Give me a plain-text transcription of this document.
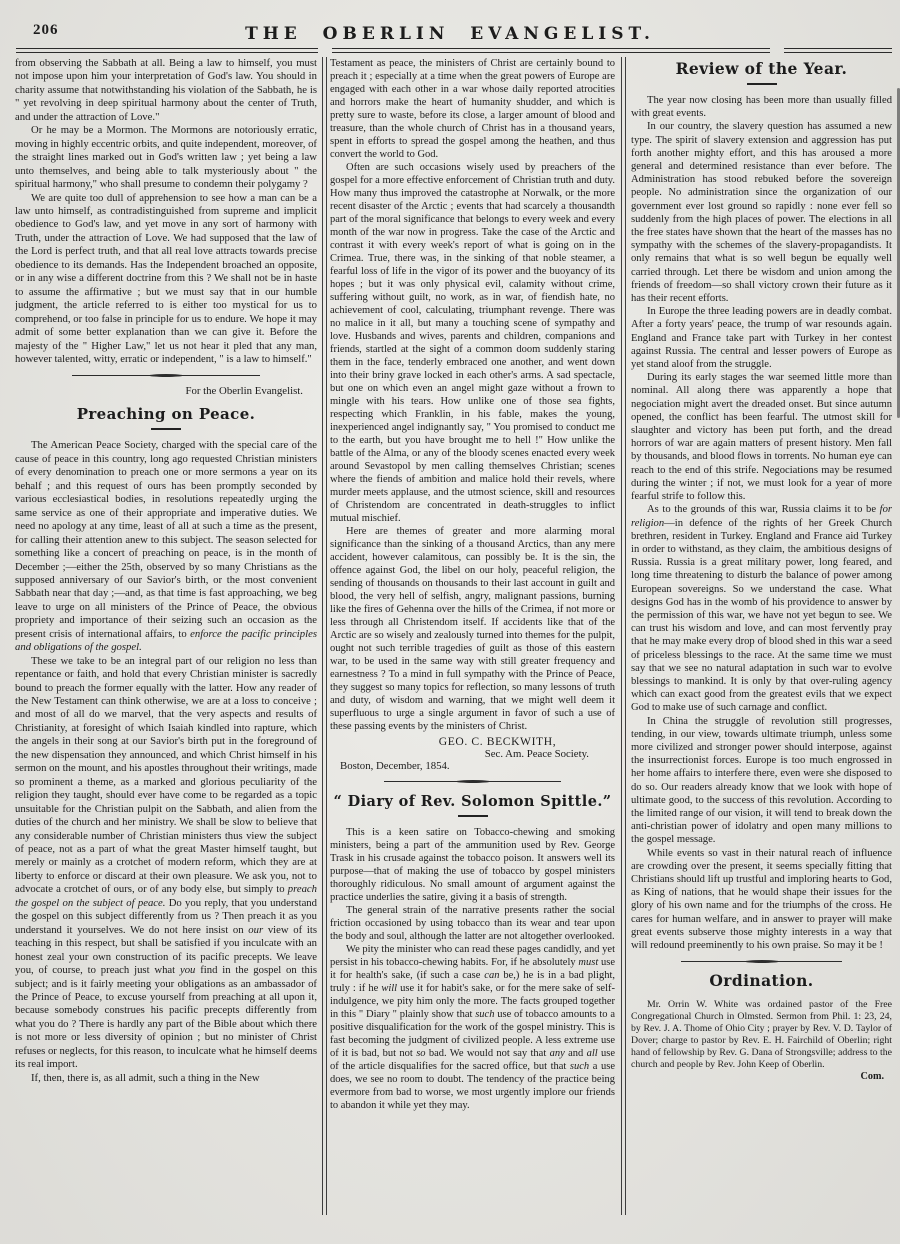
206	THE OBERLIN EVANGELIST.

from observing the Sabbath at all. Being a law to himself, you must not impose upon him your interpretation of God's law. You should in charity assume that notwithstanding his violation of the Sabbath, he is " yet revolving in deep spiritual harmony about the center of Truth, and under the attraction of Love."

Or he may be a Mormon. The Mormons are notoriously erratic, moving in highly eccentric orbits, and quite independent, moreover, of the straight lines marked out in God's written law ; yet being a law unto themselves, and being able to talk mysteriously about " the spiritual harmony," who shall presume to condemn their polygamy ?

We are quite too dull of apprehension to see how a man can be a law unto himself, as contradistinguished from supreme and implicit obedience to God's law, and yet move in any sort of harmony with Truth, under the attraction of Love. We had supposed that the law of the Lord is perfect truth, and that all real love attracts towards precise obedience to its demands. Has the Independent broached an opposite, or in any wise a different doctrine from this ? We shall not be in haste to assume the affirmative ; but we must say that in our humble judgment, the article referred to is either too mystical for us to comprehend, or too false in principle for us to endure. We hope it may admit of some better explanation than we can give it. Before the majesty of the " Higher Law," let us not hear it pled that any man, however talented, witty, erratic or independent, " is a law to himself."

For the Oberlin Evangelist.

Preaching on Peace.

The American Peace Society, charged with the special care of the cause of peace in this country, long ago requested Christian ministers of every denomination to preach one or more sermons a year on its behalf ; and this request of ours has been promptly seconded by various ecclesiastical bodies, in resolutions repeatedly urging the same service as one of their appropriate and imperative duties. We need no apology at any time, least of all at such a time as the present, for calling their attention anew to this subject. The season selected for something like a concert of preaching on peace, is in the month of December ;—either the 25th, observed by so many Christians as the supposed anniversary of our Savior's birth, or the most convenient Sabbath near that day ;—and, as that time is fast approaching, we beg leave to urge on all ministers of the Prince of Peace, the obvious propriety and importance of their seizing such an occasion as the present crisis of international affairs, to enforce the pacific principles and obligations of the gospel.

These we take to be an integral part of our religion no less than repentance or faith, and hold that every Christian minister is sacredly bound to preach the former equally with the latter. How any reader of the New Testament can think otherwise, we are at a loss to conceive ; and most of all do we marvel, that the very aspects and results of Christianity, at foresight of which Isaiah kindled into rapture, which the angels in their song at our Savior's birth put in the foreground of the new dispensation they announced, and which Christ himself in his sermon on the mount, and his apostles throughout their writings, made so prominent a theme, as a marked and glorious peculiarity of the religion they taught, should ever have come to be regarded as a topic unsuitable for the Christian pulpit on the Sabbath, and alien from the duties of the church and her ministry. We shall be slow to believe that any considerable number of Christian ministers thus view the subject of peace, not as a part of what the great Master himself taught, but merely or mainly as a crotchet of modern reform, which they are at liberty to enforce or discard at their own pleasure. We ask you, not to advocate a crotchet of ours, or of any body else, but simply to preach the gospel on the subject of peace. Do you reply, that you understand the gospel on this subject differently from us ? Then preach it as you understand it yourselves. We do not here insist on our view of its teaching in this respect, but shall be satisfied if you inculcate with an honest zeal your own construction of its pacific precepts. We leave you, of course, to preach just what you find in the gospel on this subject; and is it fairly meeting your obligations as an ambassador of the Prince of Peace, to excuse yourself from preaching at all upon it, because somebody construes his pacific precepts differently from what you do ? There is hardly any part of the Bible about which there is not more or less diversity of opinion ; but no minister of Christ refuses or neglects, for this reason, to inculcate what he himself deems its real import.

If, then, there is, as all admit, such a thing in the New

Testament as peace, the ministers of Christ are certainly bound to preach it ; especially at a time when the great powers of Europe are engaged with each other in a war whose daily reported atrocities and horrors make the heart of humanity shudder, and which is pretty sure to waste, before its close, a larger amount of blood and treasure, than the whole church of Christ has in a thousand years, spent in efforts to spread the gospel among the heathen, and thus convert the world to God.

Often are such occasions wisely used by preachers of the gospel for a more effective enforcement of Christian truth and duty. How many thus improved the catastrophe at Norwalk, or the more recent disaster of the Arctic ; events that had scarcely a thousandth part of the moral significance that belongs to every week and every month of the war now in progress. Take the case of the Arctic and contrast it with every week's report of what is going on in the Crimea. True, there was, in the sinking of that noble steamer, a fearful loss of life in the vigor of its power and the buoyancy of its hopes ; but it was only physical evil, calamity without crime, suffering without guilt, no work, as in war, of fiendish hate, no achievement of cool, calculating, triumphant revenge. There was no malice in it all, but many a touching scene of sympathy and love. Husbands and wives, parents and children, companions and friends, startled at the sight of a common doom suddenly staring them in the face, tenderly embraced one another, and went down into their briny grave locked in each other's arms. A sad spectacle, but one on which even an angel might gaze without a frown to mingle with his tears. How unlike one of those sea fights, respecting which Franklin, in his fable, makes the young, inexperienced angel indignantly say, " You promised to conduct me to the earth, but you have brought me to hell !" How unlike the battle of the Alma, or any of the bloody scenes enacted every week around Sevastopol by men calling themselves Christian; scenes where the fiends of ambition and malice hold their revels, where murder meets applause, and the utmost science, skill and resources of Christendom are concentrated in death-struggles to inflict mutual mischief.

Here are themes of greater and more alarming moral significance than the sinking of a thousand Arctics, than any mere accident, however calamitous, can possibly be. It is the sin, the offence against God, the libel on our holy, peaceful religion, the sending of thousands on thousands to their last account in guilt and blood, the very hell of selfish, angry, malignant passions, burning like the fires of Gehenna over the hills of the Crimea, if not more or less through all Christendom itself. If accidents like that of the Arctic are so wisely and zealously turned into themes for the pulpit, ought not such terrible tragedies of guilt as those of this eastern war, to be used in the same way with still greater frequency and earnestness ? To a mind in full sympathy with the Prince of Peace, they suggest so many topics for reflection, so many lessons of truth and duty, of wisdom and warning, that we might well deem it superfluous to urge a single argument in favor of such a use of these passing events by the ministers of Christ.

GEO. C. BECKWITH,

Sec. Am. Peace Society.

Boston, December, 1854.

“ Diary of Rev. Solomon Spittle.”

This is a keen satire on Tobacco-chewing and smoking ministers, being a part of the ammunition used by Rev. George Trask in his crusade against the tobacco poison. It answers well its purpose—that of making the use of tobacco by gospel ministers thoroughly ridiculous. No small amount of argument against the practice underlies the satire, giving it a basis of strength.

The general strain of the narrative presents rather the social friction occasioned by using tobacco than its wear and tear upon the body and soul, although the latter are not altogether overlooked.

We pity the minister who can read these pages candidly, and yet persist in his tobacco-chewing habits. For, if he absolutely must use it for health's sake, (if such a case can be,) he is in a bad plight, truly : if he will use it for habit's sake, or for the mere sake of self-indulgence, we pity him only the more. The facts grouped together in this " Diary " plainly show that such use of tobacco amounts to a positive disqualification for the work of the gospel ministry. This is fast becoming the judgment of civilized people. A less extreme use of it is bad, but not so bad. We would not say that any and all use of the article disqualifies for the sacred office, but that such a use does, we see no room to doubt. The tendency of the practice being evermore from bad to worse, we most urgently implore our friends to abandon it while yet they may.

Review of the Year.

The year now closing has been more than usually filled with great events.

In our country, the slavery question has assumed a new type. The spirit of slavery extension and aggression has put forth another mighty effort, and this has aroused a more general and determined resistance than ever before. The Administration has stood rebuked before the sovereign people. No administration since the organization of our government ever lost ground so rapidly : none ever fell so suddenly from the high places of power. The elections in all the free states have shown that the heart of the masses has no sympathy with the schemes of the slavery-propagandists. It only remains that what is so well begun be equally well carried through. Let there be wisdom and union among the friends of freedom—so shall victory crown their future as it has their recent efforts.

In Europe the three leading powers are in deadly combat. After a forty years' peace, the trump of war resounds again. England and France take part with Turkey in her contest against Russia. The central and lesser powers of Europe as yet stand aloof from the struggle.

During its early stages the war seemed little more than nominal. All along there was apparently a hope that negociation might avert the dreaded onset. But since autumn opened, the conflict has been fearful. The utmost skill for slaughter and victory has been put forth, and the dread horrors of war are again matters of present history. Men fall by thousands, and blood flows in torrents. No human eye can reach to the end of this strife. Negociations may be resumed during the winter ; if not, we must look for a year of more fearful strife to follow this.

As to the grounds of this war, Russia claims it to be for religion—in defence of the rights of her Greek Church brethren, resident in Turkey. England and France aid Turkey in order to withstand, as they claim, the ambitious designs of Russia. Russia is a great military power, long feared, and long time threatening to disturb the balance of power among European sovereigns. So we understand the case. What designs God has in the womb of his providence to answer by the permission of this war, we have not yet begun to see. We can trust his wisdom and love, and can most fervently pray that he may make every drop of blood shed in this war a seed of priceless blessings to the race. At the same time we must say that we see no natural adaptation in such war to evolve blessings to mankind. It is only by that over-ruling agency which can exact good from the greatest evils that we expect God to make use of such carnage and conflict.

In China the struggle of revolution still progresses, tending, in our view, towards ultimate triumph, unless some more civilized and stronger power should interpose, against the insurrectionist forces. Europe is too much engrossed in her home affairs to interfere there, even were she disposed to do so. Our readers already know that we look with hope of ultimate good, to the success of this revolution. According to the limited range of our vision, it will tend to break down the anti-christian power of idolatry and open many millions to the gospel message.

While events so vast in their natural reach of influence are crowding over the present, it seems specially fitting that Christians should lift up trustful and imploring hearts to God, as King of nations, that he would shape their issues for the glory of his own name and for the triumphs of the cross. He cares for human welfare, and in answer to prayer will make great events subserve those mighty interests in a way that will redound preeminently to his own praise. So may it be !

Ordination.

Mr. Orrin W. White was ordained pastor of the Free Congregational Church in Olmsted. Sermon from Phil. 1: 23, 24, by Rev. J. A. Thome of Ohio City ; prayer by Rev. V. D. Taylor of Dover; charge to pastor by Rev. E. H. Fairchild of Oberlin; right hand of fellowship by Rev. G. Dana of Strongsville; address to the church and people by Rev. John Keep of Oberlin.

Com.
